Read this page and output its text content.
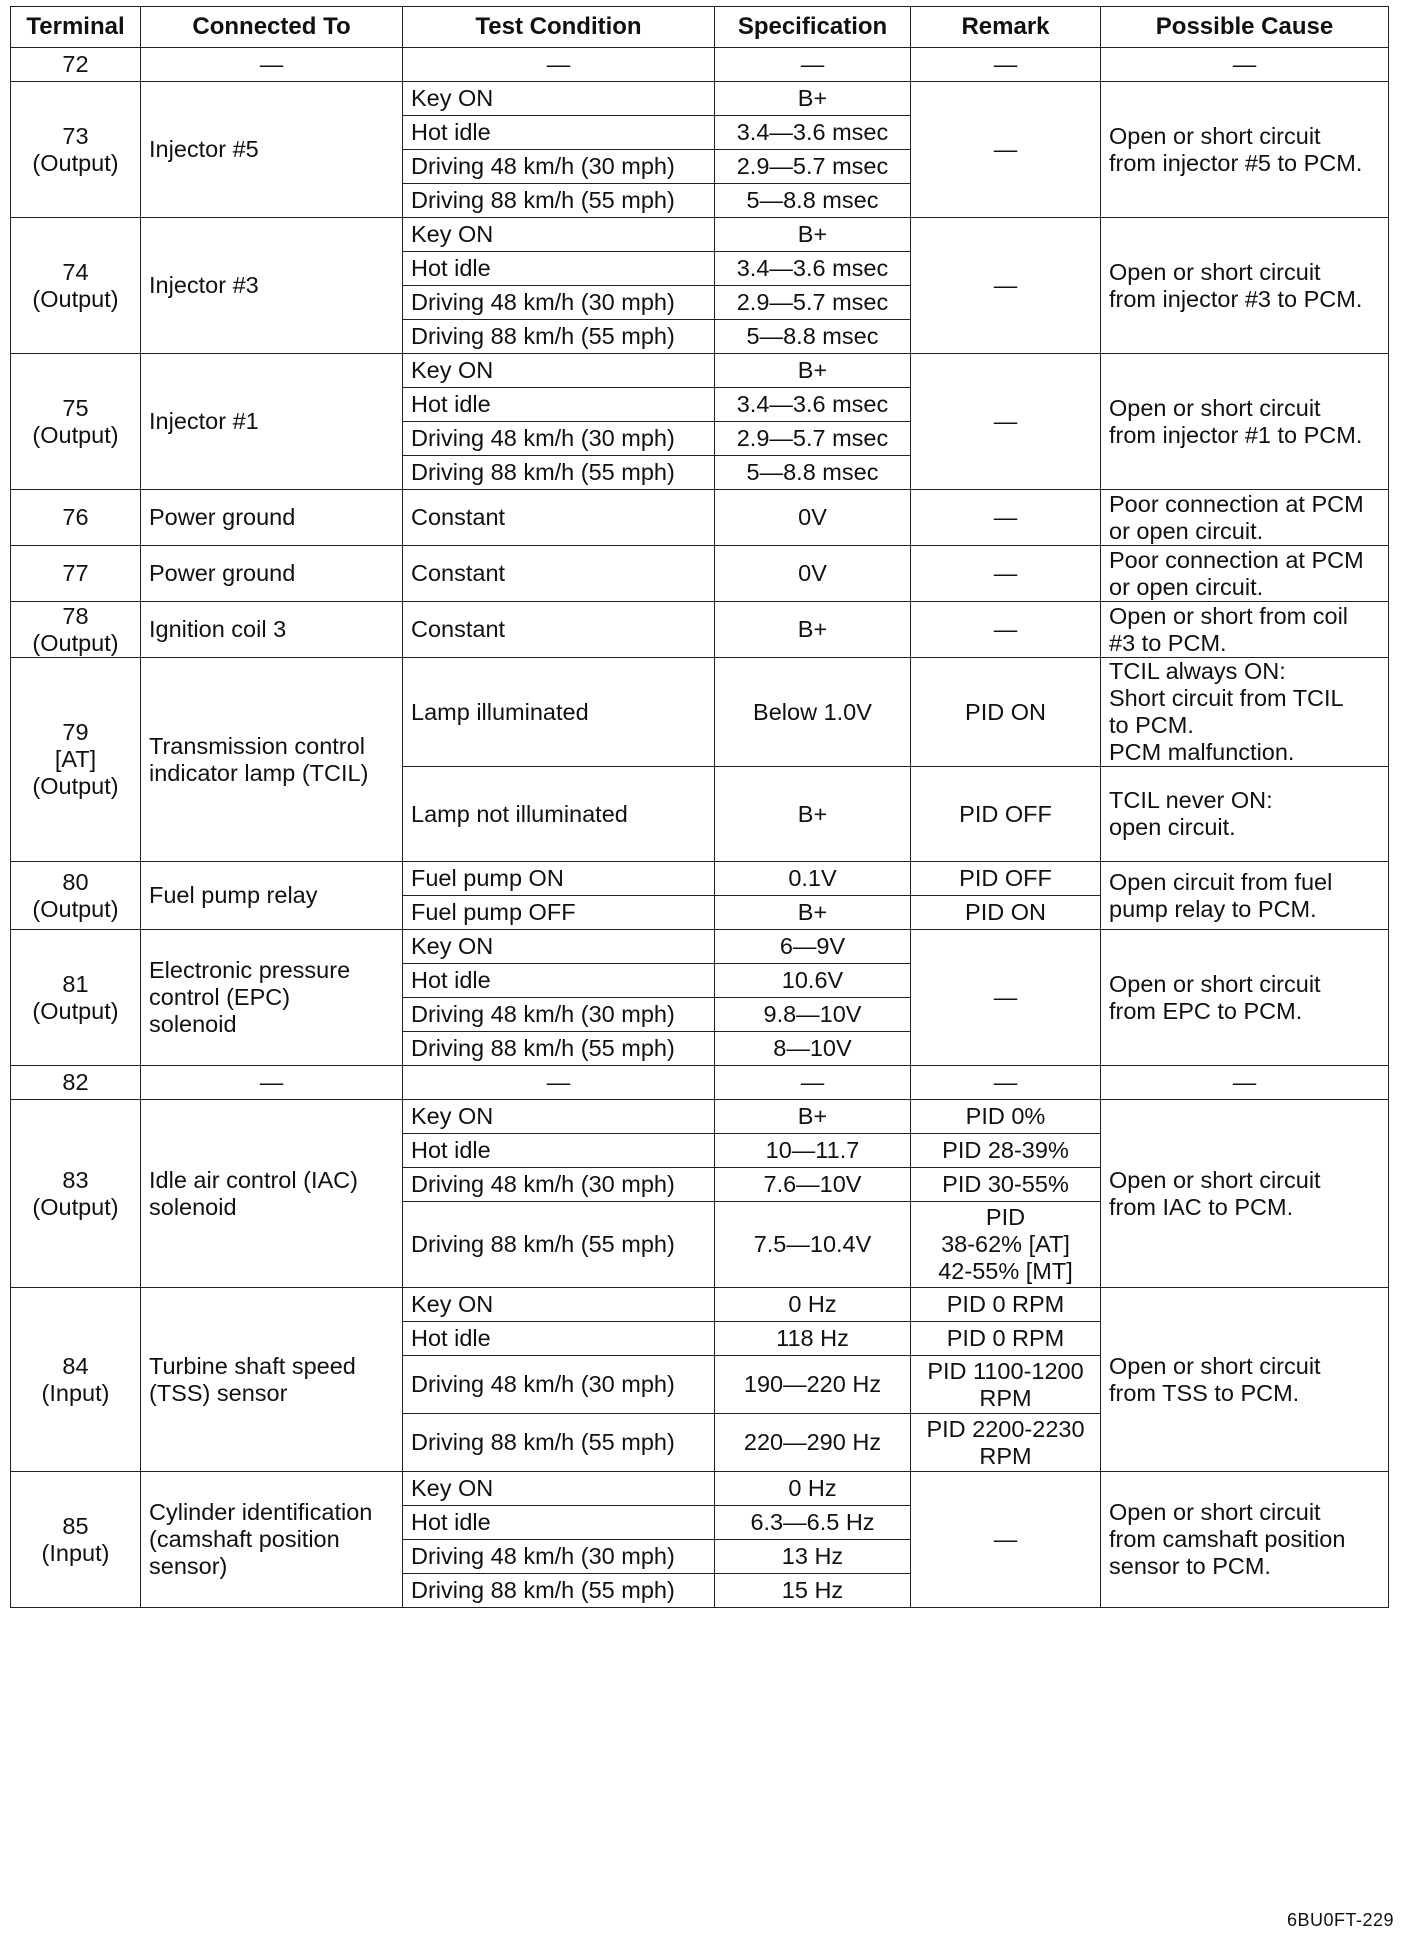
Terminal	Connected To	Test Condition	Specification	Remark	Possible Cause
72	—	—	—	—	—
73
(Output)	Injector #5	Key ON	B+	—	Open or short circuit
from injector #5 to PCM.
		Hot idle	3.4—3.6 msec		
		Driving 48 km/h (30 mph)	2.9—5.7 msec		
		Driving 88 km/h (55 mph)	5—8.8 msec		
74
(Output)	Injector #3	Key ON	B+	—	Open or short circuit
from injector #3 to PCM.
		Hot idle	3.4—3.6 msec		
		Driving 48 km/h (30 mph)	2.9—5.7 msec		
		Driving 88 km/h (55 mph)	5—8.8 msec		
75
(Output)	Injector #1	Key ON	B+	—	Open or short circuit
from injector #1 to PCM.
		Hot idle	3.4—3.6 msec		
		Driving 48 km/h (30 mph)	2.9—5.7 msec		
		Driving 88 km/h (55 mph)	5—8.8 msec		
76	Power ground	Constant	0V	—	Poor connection at PCM
or open circuit.
77	Power ground	Constant	0V	—	Poor connection at PCM
or open circuit.
78
(Output)	Ignition coil 3	Constant	B+	—	Open or short from coil
#3 to PCM.
79
[AT]
(Output)	Transmission control
indicator lamp (TCIL)	Lamp illuminated	Below 1.0V	PID ON	TCIL always ON:
Short circuit from TCIL
to PCM.
PCM malfunction.
		Lamp not illuminated	B+	PID OFF	TCIL never ON:
open circuit.
80
(Output)	Fuel pump relay	Fuel pump ON	0.1V	PID OFF	Open circuit from fuel
pump relay to PCM.
		Fuel pump OFF	B+	PID ON	
81
(Output)	Electronic pressure
control (EPC)
solenoid	Key ON	6—9V	—	Open or short circuit
from EPC to PCM.
		Hot idle	10.6V		
		Driving 48 km/h (30 mph)	9.8—10V		
		Driving 88 km/h (55 mph)	8—10V		
82	—	—	—	—	—
83
(Output)	Idle air control (IAC)
solenoid	Key ON	B+	PID 0%	Open or short circuit
from IAC to PCM.
		Hot idle	10—11.7	PID 28-39%	
		Driving 48 km/h (30 mph)	7.6—10V	PID 30-55%	
		Driving 88 km/h (55 mph)	7.5—10.4V	PID
38-62% [AT]
42-55% [MT]	
84
(Input)	Turbine shaft speed
(TSS) sensor	Key ON	0 Hz	PID 0 RPM	Open or short circuit
from TSS to PCM.
		Hot idle	118 Hz	PID 0 RPM	
		Driving 48 km/h (30 mph)	190—220 Hz	PID 1100-1200
RPM	
		Driving 88 km/h (55 mph)	220—290 Hz	PID 2200-2230
RPM	
85
(Input)	Cylinder identification
(camshaft position
sensor)	Key ON	0 Hz	—	Open or short circuit
from camshaft position
sensor to PCM.
		Hot idle	6.3—6.5 Hz		
		Driving 48 km/h (30 mph)	13 Hz		
		Driving 88 km/h (55 mph)	15 Hz		
6BU0FT-229
